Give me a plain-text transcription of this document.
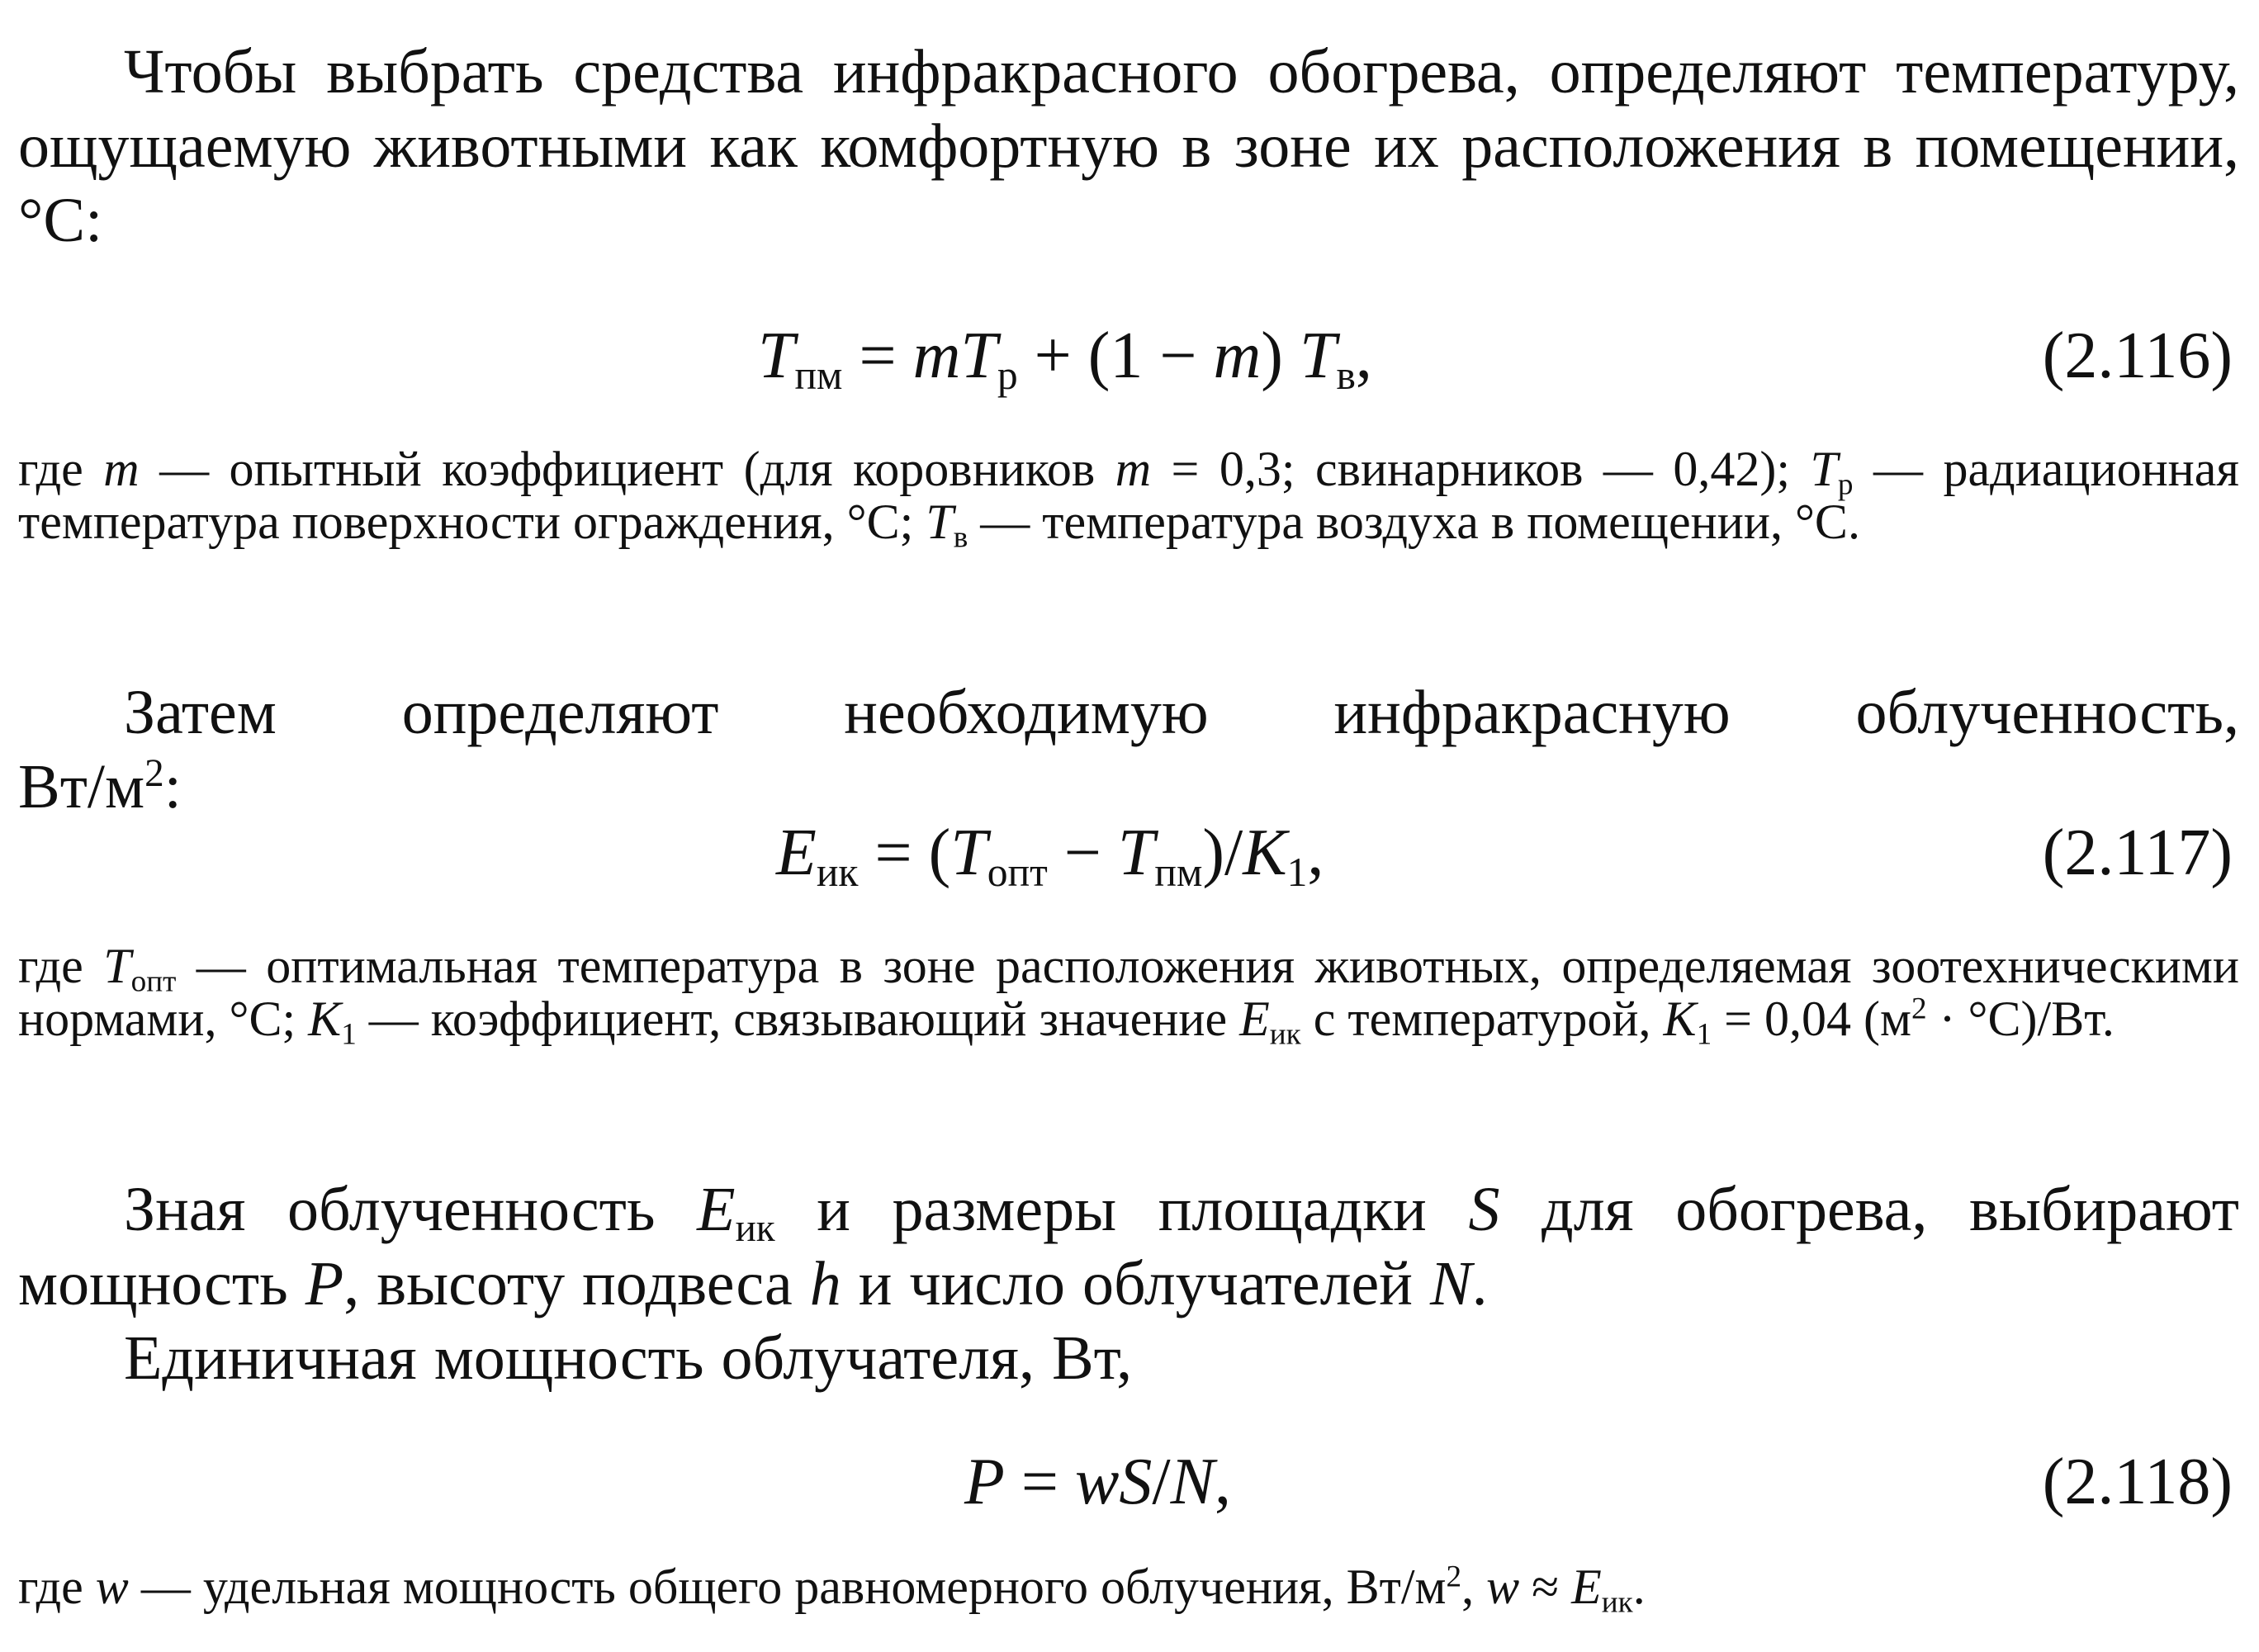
Чтобы выбрать средства инфракрасного обогрева, определяют температуру, ощущаемую животными как комфортную в зоне их расположения в помещении, °С:
$T_{пм} = mT_р + (1 - m)$ $T_в$,	(2.116)
где m — опытный коэффициент (для коровников m = 0,3; свинарников — 0,42); $T_р$ — радиационная температура поверхности ограждения, °С; $T_в$ — температура воздуха в помещении, °С.
Затем определяют необходимую инфракрасную облученность,
$Вт/м^2$:
$E_{ик} = (T_{опт} - T_{пм})/K_1$,	(2.117)
где $T_{опт}$ — оптимальная температура в зоне расположения животных, определяемая зоотехническими нормами, °С; $K_1$ — коэффициент, связывающий значение $E_{ик}$ с температурой, $K_1 = 0,04$ $(м^2 \cdot ^\circ С)/Вт$.
Зная облученность $E_{ик}$ и размеры площадки S для обогрева, выбирают мощность P, высоту подвеса h и число облучателей N.
Единичная мощность облучателя, Вт,
P = wS/N,	(2.118)
где w — удельная мощность общего равномерного облучения, $Вт/м^2$, $w \approx E_{ик}$.
